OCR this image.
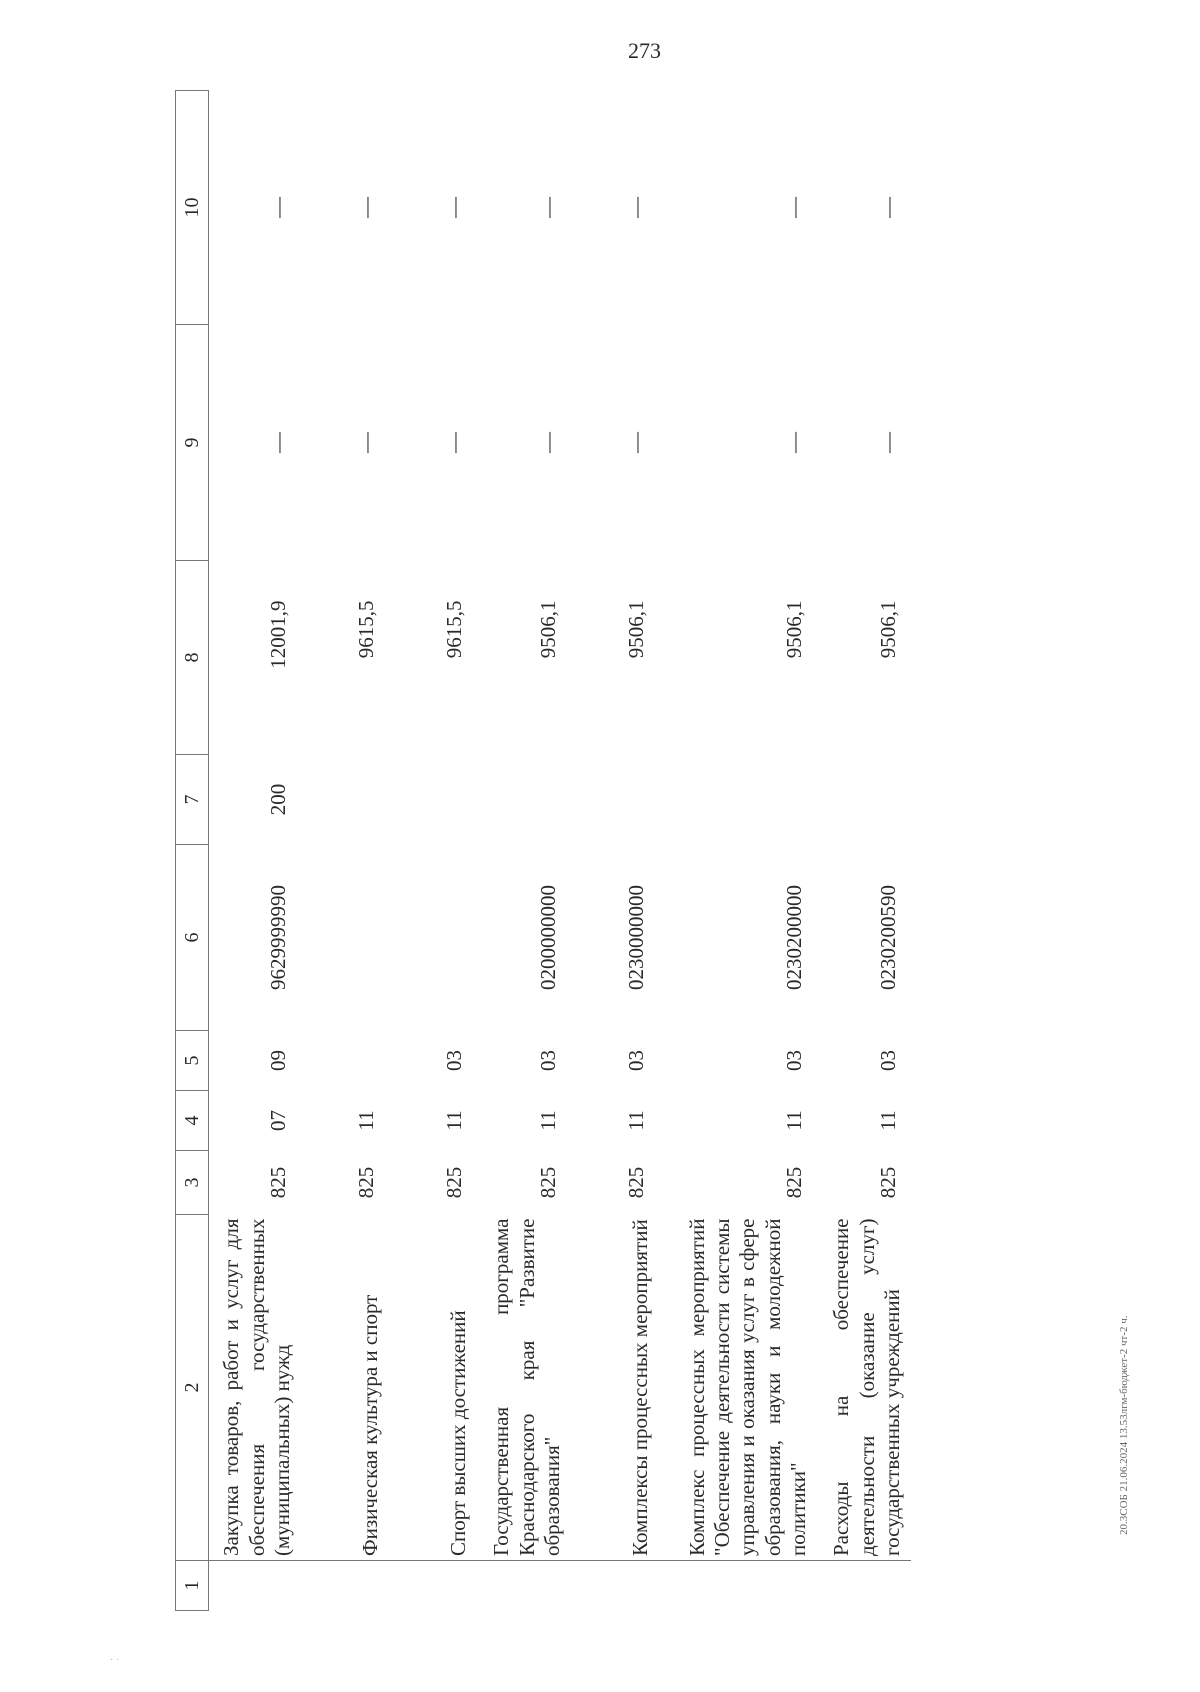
273
20.3СОБ 21.06.2024 13.53лгм-бюджет-2 чт-2 ч.
· ·
1	2	3	4	5	6	7	8	9	10
	Закупка товаров, работ и услуг для обеспечения государственных (муниципальных) нужд	825	07	09	9629999990	200	12001,9	—	—
	Физическая культура и спорт	825	11				9615,5	—	—
	Спорт высших достижений	825	11	03			9615,5	—	—
	Государственная программа Краснодарского края "Развитие образования"	825	11	03	0200000000		9506,1	—	—
	Комплексы процессных мероприятий	825	11	03	0230000000		9506,1	—	—
	Комплекс процессных мероприятий "Обеспечение деятельности системы управления и оказания услуг в сфере образования, науки и молодежной политики"	825	11	03	0230200000		9506,1	—	—
	Расходы на обеспечение деятельности (оказание услуг) государственных учреждений	825	11	03	0230200590		9506,1	—	—
